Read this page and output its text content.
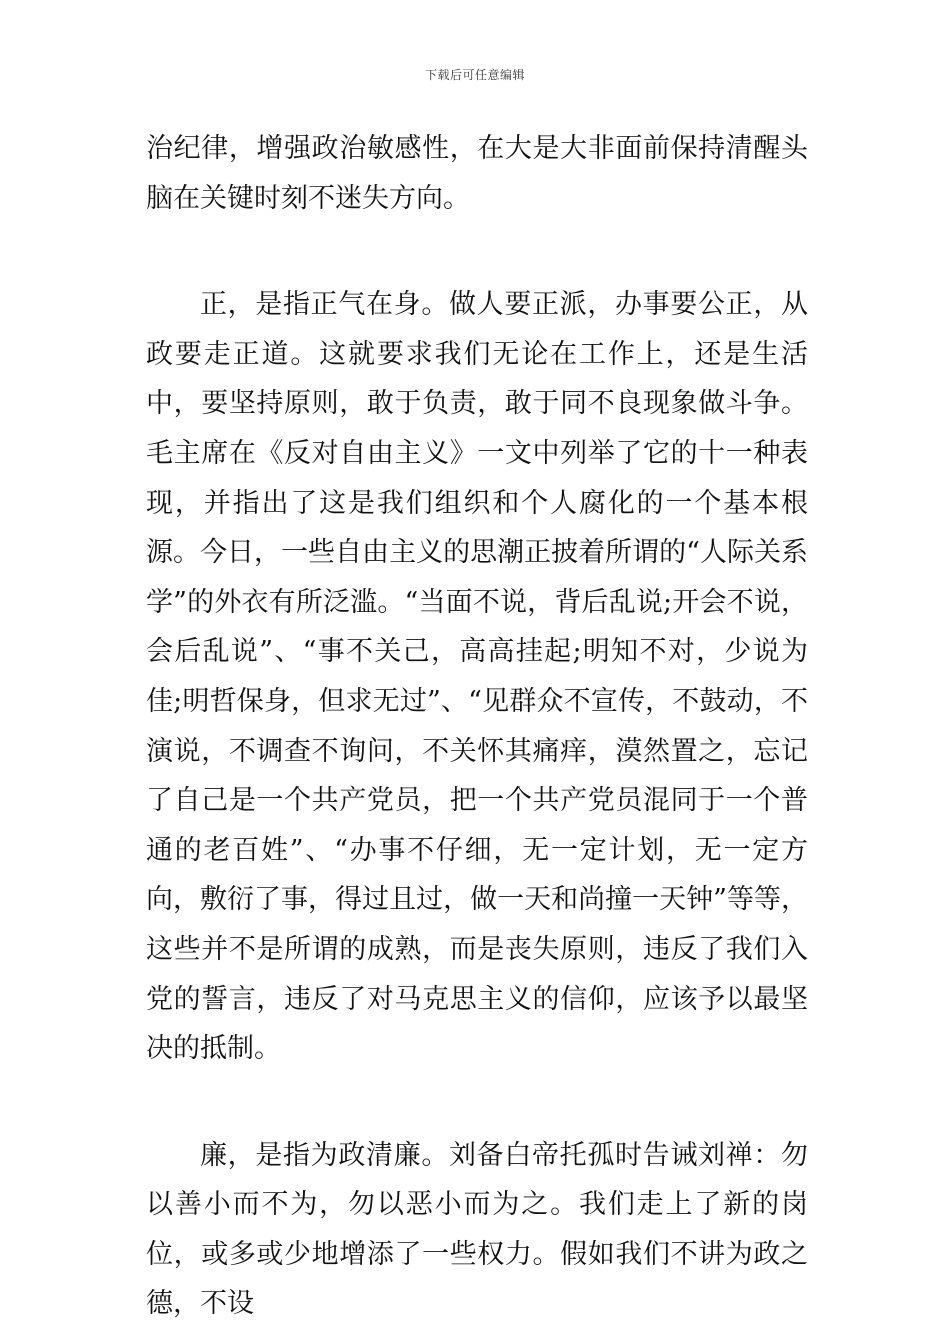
下载后可任意编辑

治纪律，增强政治敏感性，在大是大非面前保持清醒头脑在关键时刻不迷失方向。

正，是指正气在身。做人要正派，办事要公正，从政要走正道。这就要求我们无论在工作上，还是生活中，要坚持原则，敢于负责，敢于同不良现象做斗争。毛主席在《反对自由主义》一文中列举了它的十一种表现，并指出了这是我们组织和个人腐化的一个基本根源。今日，一些自由主义的思潮正披着所谓的“人际关系学”的外衣有所泛滥。“当面不说，背后乱说;开会不说，会后乱说”、“事不关己，高高挂起;明知不对，少说为佳;明哲保身，但求无过”、“见群众不宣传，不鼓动，不演说，不调查不询问，不关怀其痛痒，漠然置之，忘记了自己是一个共产党员，把一个共产党员混同于一个普通的老百姓”、“办事不仔细，无一定计划，无一定方向，敷衍了事，得过且过，做一天和尚撞一天钟”等等，这些并不是所谓的成熟，而是丧失原则，违反了我们入党的誓言，违反了对马克思主义的信仰，应该予以最坚决的抵制。

廉，是指为政清廉。刘备白帝托孤时告诫刘禅：勿以善小而不为，勿以恶小而为之。我们走上了新的岗位，或多或少地增添了一些权力。假如我们不讲为政之德，不设
